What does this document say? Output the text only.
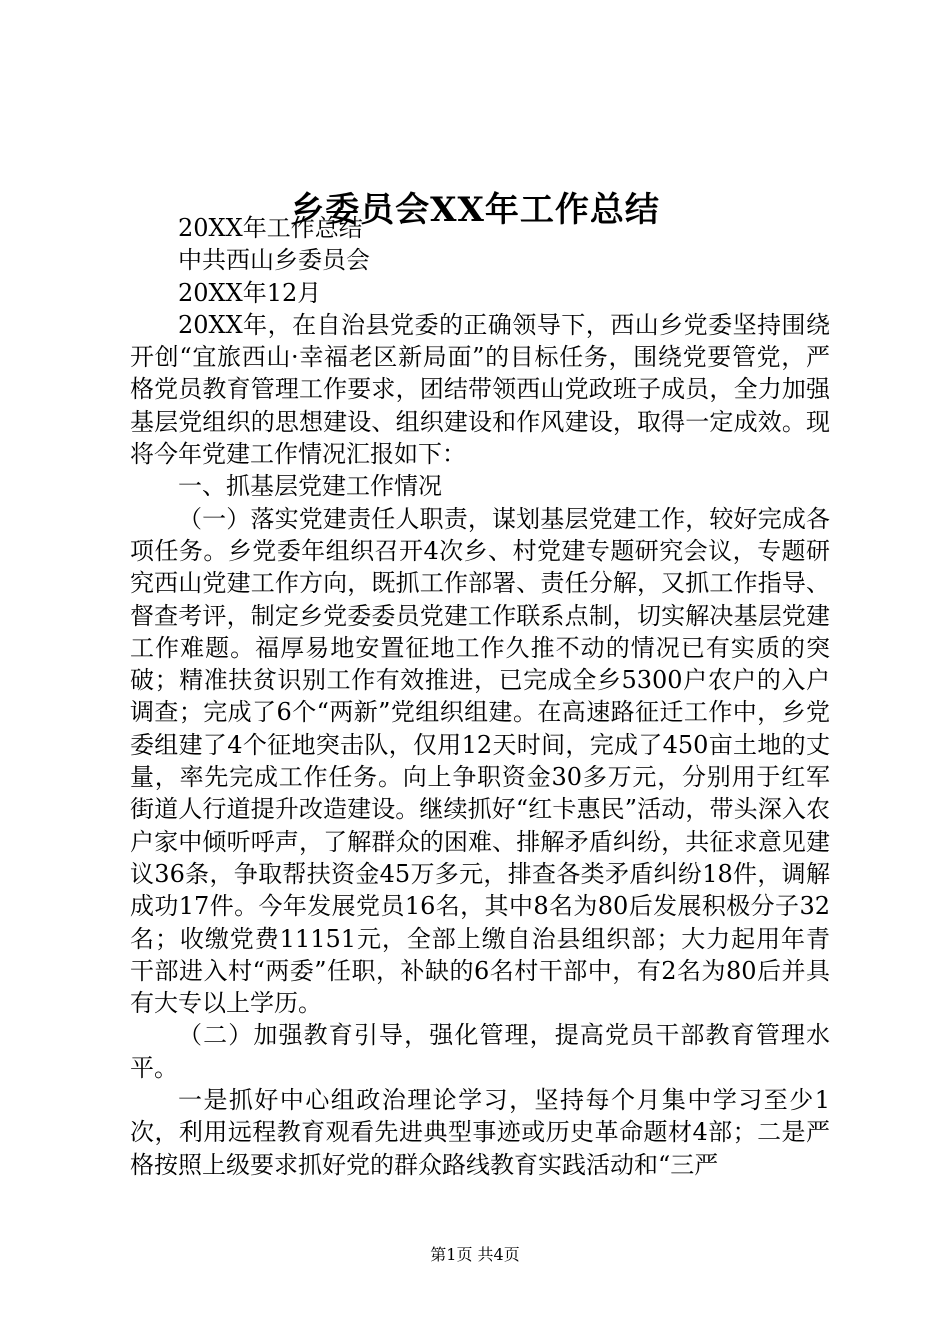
乡委员会XX年工作总结

20XX年工作总结

中共西山乡委员会

20XX年12月

20XX年，在自治县党委的正确领导下，西山乡党委坚持围绕开创“宜旅西山·幸福老区新局面”的目标任务，围绕党要管党，严格党员教育管理工作要求，团结带领西山党政班子成员，全力加强基层党组织的思想建设、组织建设和作风建设，取得一定成效。现将今年党建工作情况汇报如下：

一、抓基层党建工作情况

（一）落实党建责任人职责，谋划基层党建工作，较好完成各项任务。乡党委年组织召开4次乡、村党建专题研究会议，专题研究西山党建工作方向，既抓工作部署、责任分解，又抓工作指导、督查考评，制定乡党委委员党建工作联系点制，切实解决基层党建工作难题。福厚易地安置征地工作久推不动的情况已有实质的突破；精准扶贫识别工作有效推进，已完成全乡5300户农户的入户调查；完成了6个“两新”党组织组建。在高速路征迁工作中，乡党委组建了4个征地突击队，仅用12天时间，完成了450亩土地的丈量，率先完成工作任务。向上争职资金30多万元，分别用于红军街道人行道提升改造建设。继续抓好“红卡惠民”活动，带头深入农户家中倾听呼声，了解群众的困难、排解矛盾纠纷，共征求意见建议36条，争取帮扶资金45万多元，排查各类矛盾纠纷18件，调解成功17件。今年发展党员16名，其中8名为80后发展积极分子32名；收缴党费11151元，全部上缴自治县组织部；大力起用年青干部进入村“两委”任职，补缺的6名村干部中，有2名为80后并具有大专以上学历。

（二）加强教育引导，强化管理，提高党员干部教育管理水平。

一是抓好中心组政治理论学习，坚持每个月集中学习至少1次，利用远程教育观看先进典型事迹或历史革命题材4部；二是严格按照上级要求抓好党的群众路线教育实践活动和“三严

第1页 共4页
